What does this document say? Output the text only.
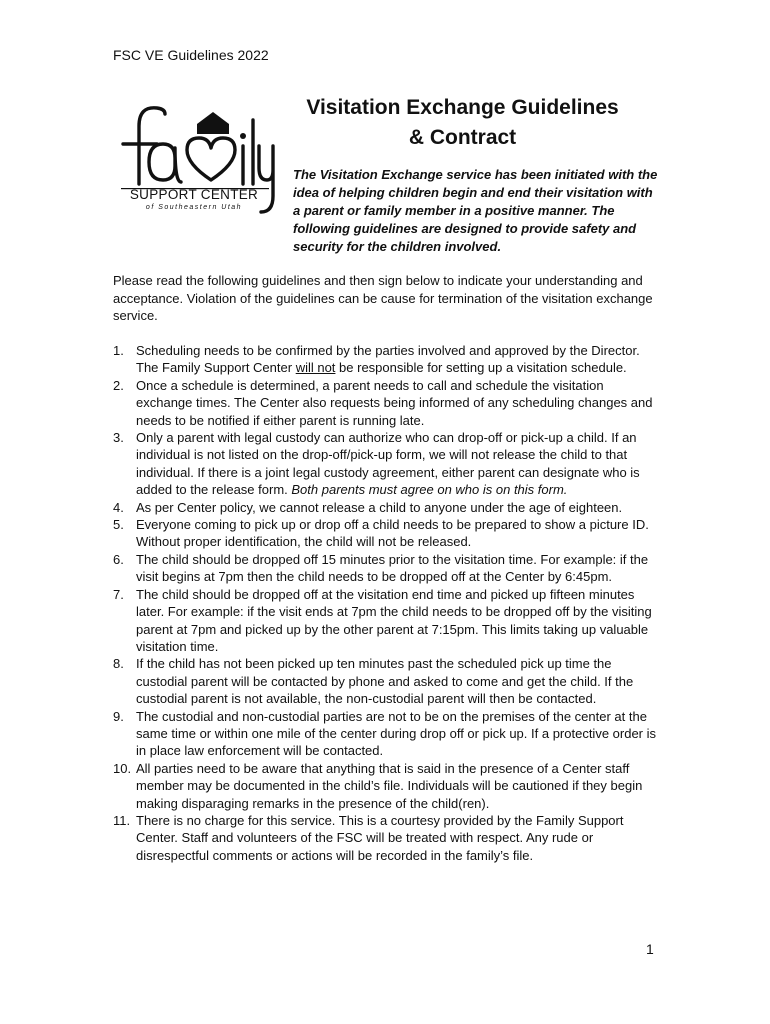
FSC VE Guidelines 2022
SUPPORT CENTER
of Southeastern Utah
Visitation Exchange Guidelines
& Contract
The Visitation Exchange service has been initiated with the idea of helping children begin and end their visitation with a parent or family member in a positive manner. The following guidelines are designed to provide safety and security for the children involved.
Please read the following guidelines and then sign below to indicate your understanding and acceptance. Violation of the guidelines can be cause for termination of the visitation exchange service.
1. Scheduling needs to be confirmed by the parties involved and approved by the Director. The Family Support Center will not be responsible for setting up a visitation schedule.
2. Once a schedule is determined, a parent needs to call and schedule the visitation exchange times. The Center also requests being informed of any scheduling changes and needs to be notified if either parent is running late.
3. Only a parent with legal custody can authorize who can drop-off or pick-up a child. If an individual is not listed on the drop-off/pick-up form, we will not release the child to that individual. If there is a joint legal custody agreement, either parent can designate who is added to the release form. Both parents must agree on who is on this form.
4. As per Center policy, we cannot release a child to anyone under the age of eighteen.
5. Everyone coming to pick up or drop off a child needs to be prepared to show a picture ID. Without proper identification, the child will not be released.
6. The child should be dropped off 15 minutes prior to the visitation time. For example: if the visit begins at 7pm then the child needs to be dropped off at the Center by 6:45pm.
7. The child should be dropped off at the visitation end time and picked up fifteen minutes later. For example: if the visit ends at 7pm the child needs to be dropped off by the visiting parent at 7pm and picked up by the other parent at 7:15pm. This limits taking up valuable visitation time.
8. If the child has not been picked up ten minutes past the scheduled pick up time the custodial parent will be contacted by phone and asked to come and get the child. If the custodial parent is not available, the non-custodial parent will then be contacted.
9. The custodial and non-custodial parties are not to be on the premises of the center at the same time or within one mile of the center during drop off or pick up. If a protective order is in place law enforcement will be contacted.
10. All parties need to be aware that anything that is said in the presence of a Center staff member may be documented in the child’s file. Individuals will be cautioned if they begin making disparaging remarks in the presence of the child(ren).
11. There is no charge for this service. This is a courtesy provided by the Family Support Center. Staff and volunteers of the FSC will be treated with respect. Any rude or disrespectful comments or actions will be recorded in the family’s file.
1
